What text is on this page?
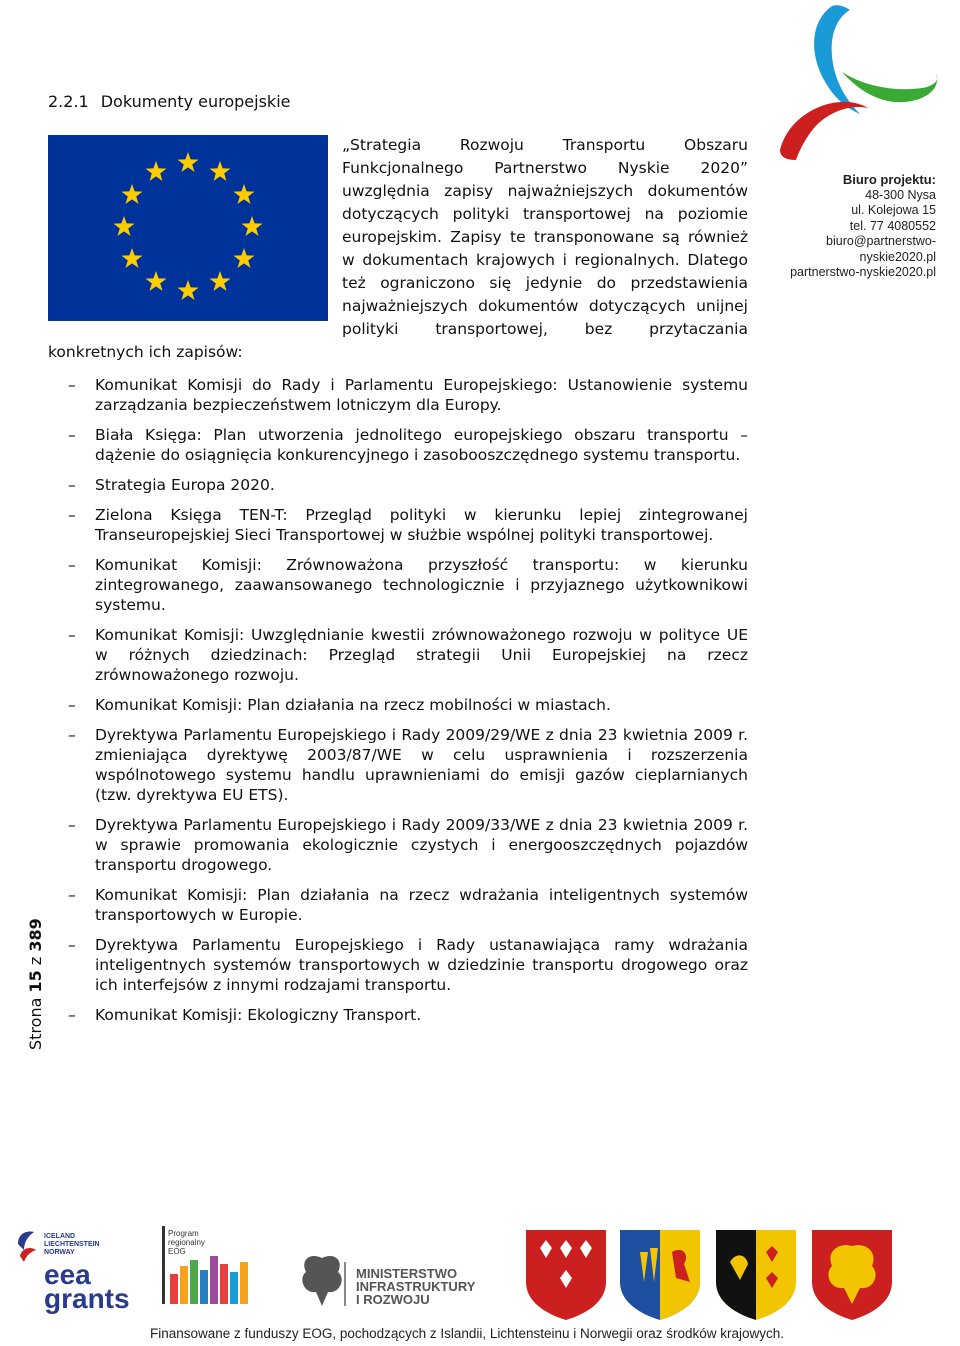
2.2.1 Dokumenty europejskie
„Strategia Rozwoju Transportu Obszaru Funkcjonalnego Partnerstwo Nyskie 2020” uwzględnia zapisy najważniejszych dokumentów dotyczących polityki transportowej na poziomie europejskim. Zapisy te transponowane są również w dokumentach krajowych i regionalnych. Dlatego też ograniczono się jedynie do przedstawienia najważniejszych dokumentów dotyczących unijnej polityki transportowej, bez przytaczania konkretnych ich zapisów:
– Komunikat Komisji do Rady i Parlamentu Europejskiego: Ustanowienie systemu zarządzania bezpieczeństwem lotniczym dla Europy.
– Biała Księga: Plan utworzenia jednolitego europejskiego obszaru transportu – dążenie do osiągnięcia konkurencyjnego i zasobooszczędnego systemu transportu.
– Strategia Europa 2020.
– Zielona Księga TEN-T: Przegląd polityki w kierunku lepiej zintegrowanej Transeuropejskiej Sieci Transportowej w służbie wspólnej polityki transportowej.
– Komunikat Komisji: Zrównoważona przyszłość transportu: w kierunku zintegrowanego, zaawansowanego technologicznie i przyjaznego użytkownikowi systemu.
– Komunikat Komisji: Uwzględnianie kwestii zrównoważonego rozwoju w polityce UE w różnych dziedzinach: Przegląd strategii Unii Europejskiej na rzecz zrównoważonego rozwoju.
– Komunikat Komisji: Plan działania na rzecz mobilności w miastach.
– Dyrektywa Parlamentu Europejskiego i Rady 2009/29/WE z dnia 23 kwietnia 2009 r. zmieniająca dyrektywę 2003/87/WE w celu usprawnienia i rozszerzenia wspólnotowego systemu handlu uprawnieniami do emisji gazów cieplarnianych (tzw. dyrektywa EU ETS).
– Dyrektywa Parlamentu Europejskiego i Rady 2009/33/WE z dnia 23 kwietnia 2009 r. w sprawie promowania ekologicznie czystych i energooszczędnych pojazdów transportu drogowego.
– Komunikat Komisji: Plan działania na rzecz wdrażania inteligentnych systemów transportowych w Europie.
– Dyrektywa Parlamentu Europejskiego i Rady ustanawiająca ramy wdrażania inteligentnych systemów transportowych w dziedzinie transportu drogowego oraz ich interfejsów z innymi rodzajami transportu.
– Komunikat Komisji: Ekologiczny Transport.
Strona 15 z 389
Biuro projektu:
48-300 Nysa
ul. Kolejowa 15
tel. 77 4080552
biuro@partnerstwo-nyskie2020.pl
partnerstwo-nyskie2020.pl
ICELAND
LIECHTENSTEIN
NORWAY
eea
grants
Program
regionalny
EOG
MINISTERSTWO
INFRASTRUKTURY
I ROZWOJU
Finansowane z funduszy EOG, pochodzących z Islandii, Lichtensteinu i Norwegii oraz środków krajowych.
